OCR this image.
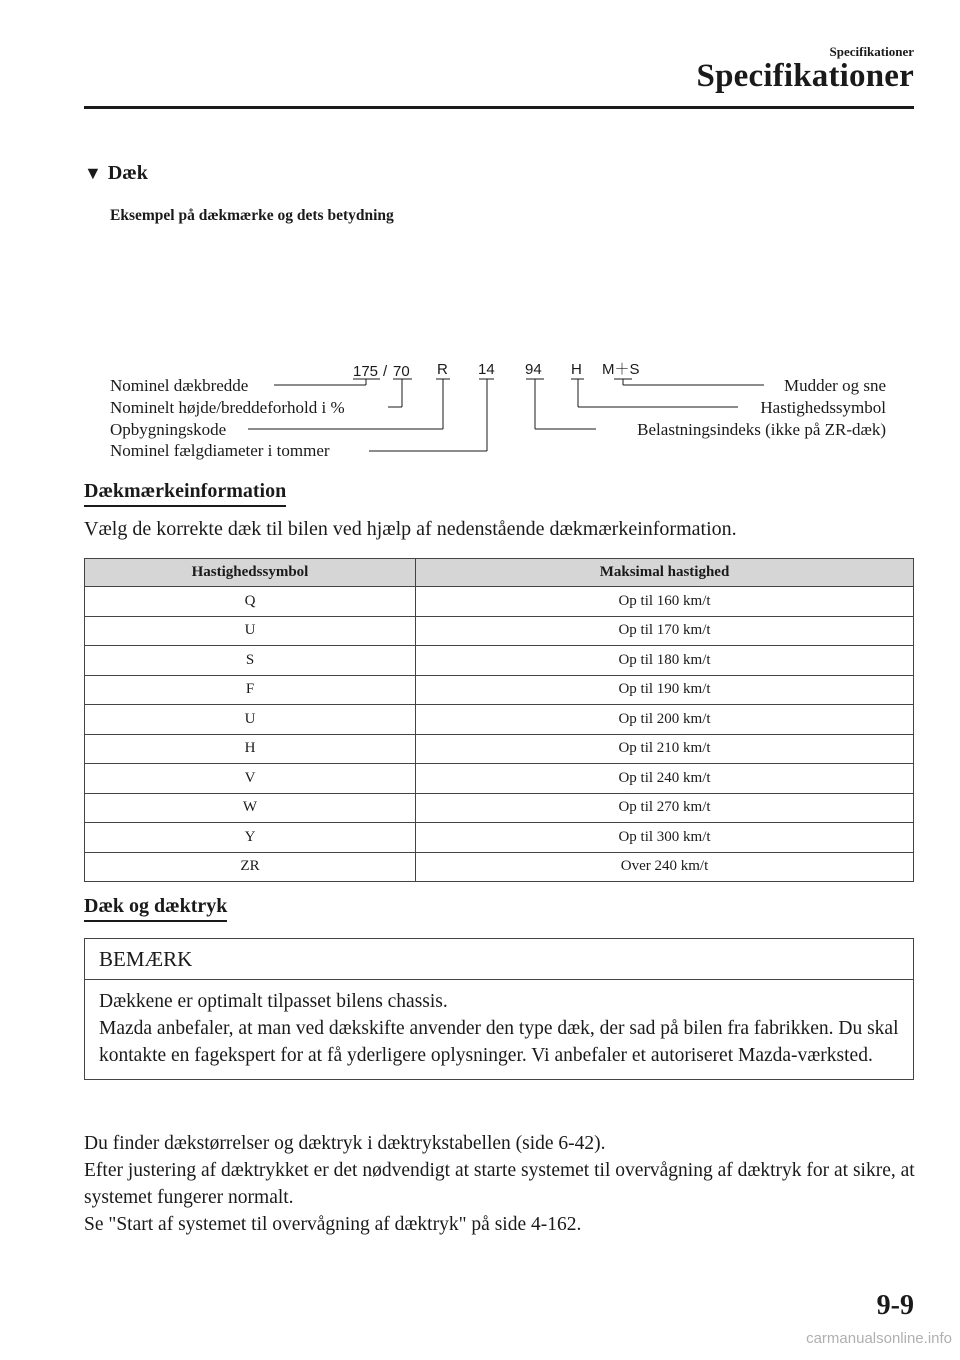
Specifikationer
Specifikationer
▼ Dæk
Eksempel på dækmærke og dets betydning
175 / 70 R 14 94 H M＋S
Nominel dækbredde
Nominelt højde/breddeforhold i %
Opbygningskode
Nominel fælgdiameter i tommer
Mudder og sne
Hastighedssymbol
Belastningsindeks (ikke på ZR-dæk)
Dækmærkeinformation
Vælg de korrekte dæk til bilen ved hjælp af nedenstående dækmærkeinformation.
Hastighedssymbol	Maksimal hastighed
Q	Op til 160 km/t
U	Op til 170 km/t
S	Op til 180 km/t
F	Op til 190 km/t
U	Op til 200 km/t
H	Op til 210 km/t
V	Op til 240 km/t
W	Op til 270 km/t
Y	Op til 300 km/t
ZR	Over 240 km/t
Dæk og dæktryk
BEMÆRK

Dækkene er optimalt tilpasset bilens chassis.

Mazda anbefaler, at man ved dækskifte anvender den type dæk, der sad på bilen fra fabrikken. Du skal kontakte en fagekspert for at få yderligere oplysninger. Vi anbefaler et autoriseret Mazda-værksted.

Du finder dækstørrelser og dæktryk i dæktrykstabellen (side 6-42).

Efter justering af dæktrykket er det nødvendigt at starte systemet til overvågning af dæktryk for at sikre, at systemet fungerer normalt.

Se "Start af systemet til overvågning af dæktryk" på side 4-162.

9-9
carmanualsonline.info
